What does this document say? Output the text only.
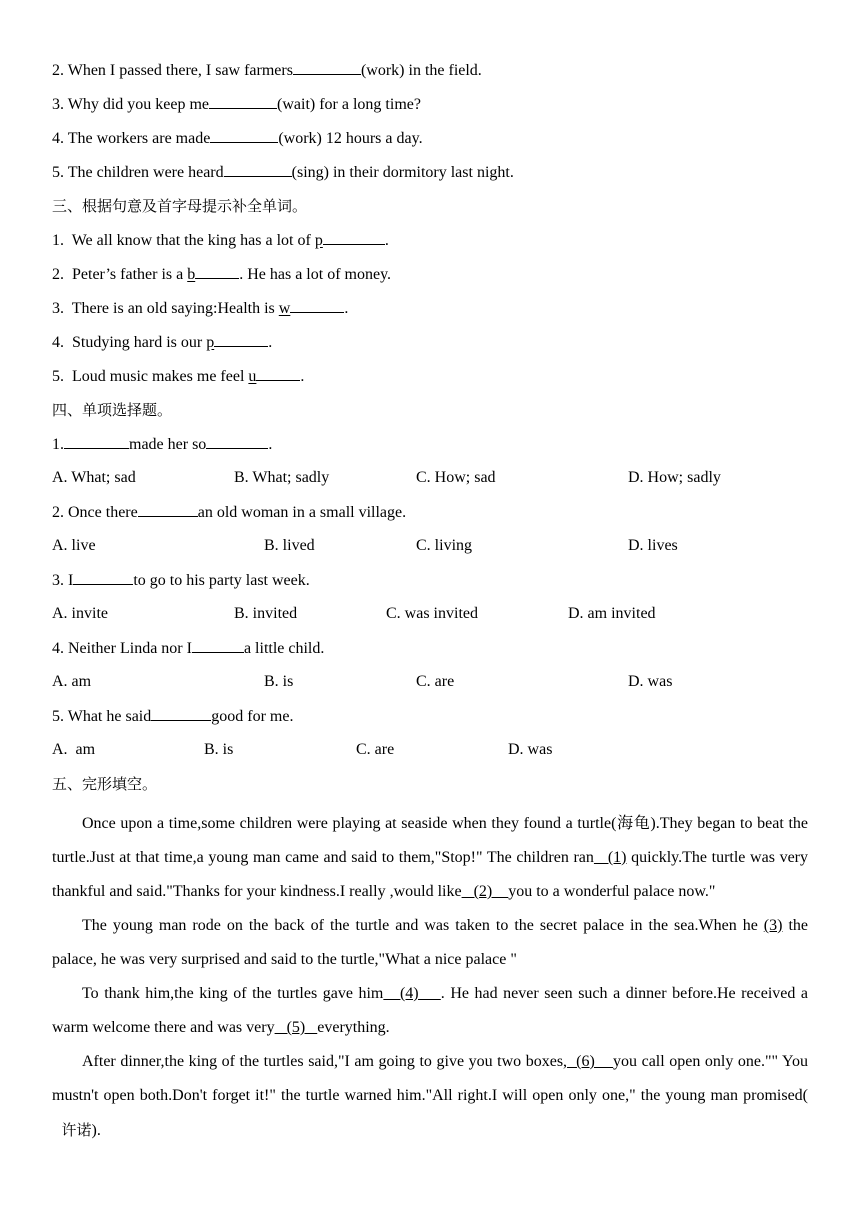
2. When I passed there, I saw farmers	(work) in the field.
3. Why did you keep me	(wait) for a long time?
4. The workers are made	(work) 12 hours a day.
5. The children were heard	(sing) in their dormitory last night.
三、根据句意及首字母提示补全单词。
1. We all know that the king has a lot of p	.
2. Peter’s father is a b	. He has a lot of money.
3. There is an old saying:Health is w	.
4. Studying hard is our p	.
5. Loud music makes me feel u	.
四、单项选择题。
1.	made her so	.
A. What; sad	B. What; sadly	C. How; sad	D. How; sadly
2. Once there	an old woman in a small village.
A. live	B. lived	C. living	D. lives
3. I	to go to his party last week.
A. invite	B. invited	C. was invited	D. am invited
4. Neither Linda nor I	a little child.
A. am	B. is	C. are	D. was
5. What he said	good for me.
A.  am	B. is	C. are	D. was
五、完形填空。

Once upon a time,some children were playing at seaside when they found a turtle(海龟).They began to beat the turtle.Just at that time,a young man came and said to them,"Stop!" The children ran   (1) quickly.The turtle was very thankful and said."Thanks for your kindness.I really ,would like   (2)    you to a wonderful palace now."

The young man rode on the back of the turtle and was taken to the secret palace in the sea.When he (3) the palace, he was very surprised and said to the turtle,"What a nice palace "

To thank him,the king of the turtles gave him   (4)    . He had never seen such a dinner before.He received a warm welcome there and was very   (5)   everything.

After dinner,the king of the turtles said,"I am going to give you two boxes,  (6)    you call open only one."" You mustn't open both.Don't forget it!" the turtle warned him."All right.I will open only one," the young man promised(  许诺).
